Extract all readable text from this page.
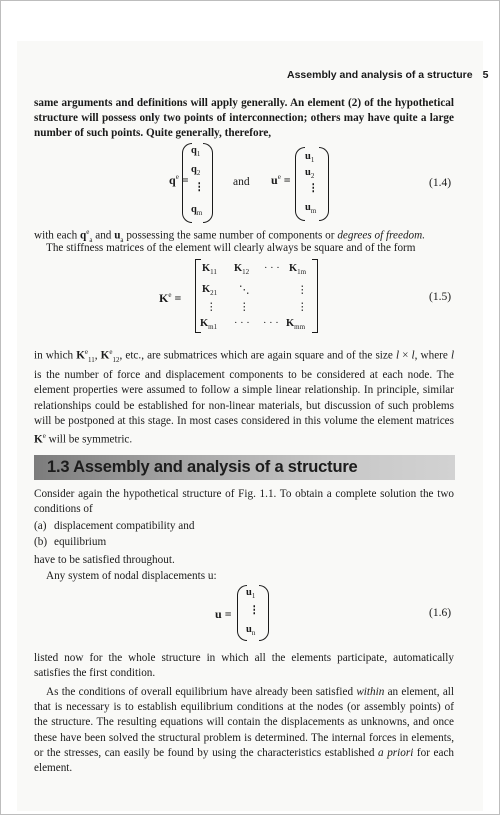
Assembly and analysis of a structure 5
same arguments and definitions will apply generally. An element (2) of the hypothetical structure will possess only two points of interconnection; others may have quite a large number of such points. Quite generally, therefore,
$q^e$ =
$q_1$
$q_2$
⋮
$q_m$
and $u^e$ =
$u_1$
$u_2$
⋮
$u_m$
(1.4)
with each $q^e_a$ and $u_a$ possessing the same number of components or degrees of freedom.
The stiffness matrices of the element will clearly always be square and of the form
$K^e$ =
$K_{11}$ $K_{12}$ · · · $K_{1m}$
$K_{21}$ ⋱	⋮
⋮ ⋮	⋮
$K_{m1}$ · · · · · · $K_{mm}$
(1.5)
in which $K^e_{11}$, $K^e_{12}$, etc., are submatrices which are again square and of the size l × l, where l is the number of force and displacement components to be considered at each node. The element properties were assumed to follow a simple linear relationship. In principle, similar relationships could be established for non-linear materials, but discussion of such problems will be postponed at this stage. In most cases considered in this volume the element matrices $K^e$ will be symmetric.
1.3 Assembly and analysis of a structure
Consider again the hypothetical structure of Fig. 1.1. To obtain a complete solution the two conditions of
(a) displacement compatibility and
(b) equilibrium
have to be satisfied throughout.
Any system of nodal displacements u:
u =
$u_1$
⋮
$u_n$
(1.6)
listed now for the whole structure in which all the elements participate, automatically satisfies the first condition.
As the conditions of overall equilibrium have already been satisfied within an element, all that is necessary is to establish equilibrium conditions at the nodes (or assembly points) of the structure. The resulting equations will contain the displacements as unknowns, and once these have been solved the structural problem is determined. The internal forces in elements, or the stresses, can easily be found by using the characteristics established a priori for each element.
